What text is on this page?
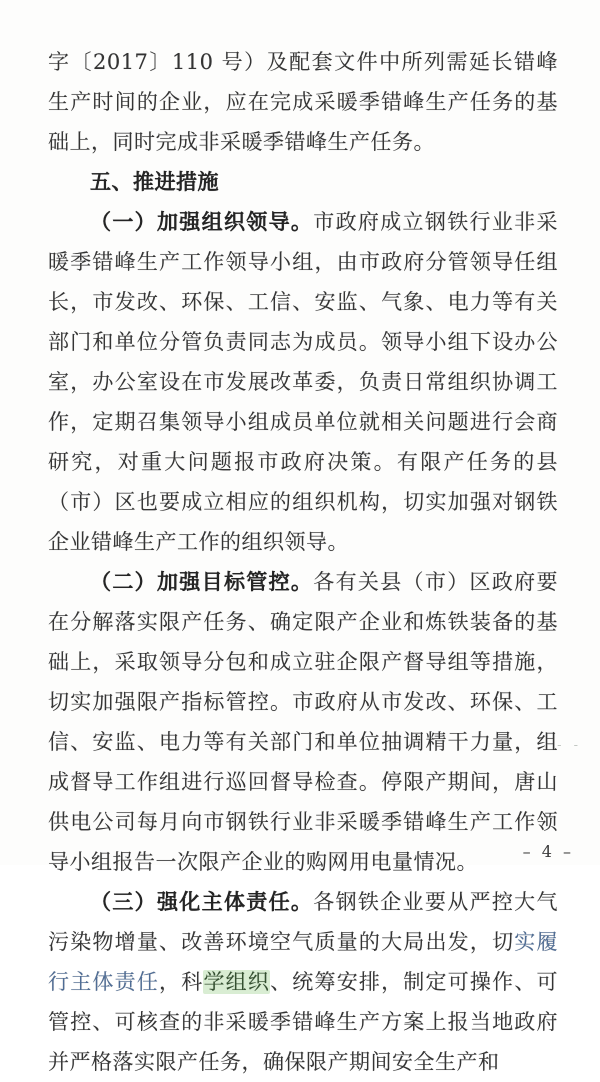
字〔2017〕110 号）及配套文件中所列需延长错峰生产时间的企业，应在完成采暖季错峰生产任务的基础上，同时完成非采暖季错峰生产任务。

五、推进措施

（一）加强组织领导。市政府成立钢铁行业非采暖季错峰生产工作领导小组，由市政府分管领导任组长，市发改、环保、工信、安监、气象、电力等有关部门和单位分管负责同志为成员。领导小组下设办公室，办公室设在市发展改革委，负责日常组织协调工作，定期召集领导小组成员单位就相关问题进行会商研究，对重大问题报市政府决策。有限产任务的县（市）区也要成立相应的组织机构，切实加强对钢铁企业错峰生产工作的组织领导。

（二）加强目标管控。各有关县（市）区政府要在分解落实限产任务、确定限产企业和炼铁装备的基础上，采取领导分包和成立驻企限产督导组等措施，切实加强限产指标管控。市政府从市发改、环保、工信、安监、电力等有关部门和单位抽调精干力量，组成督导工作组进行巡回督导检查。停限产期间，唐山供电公司每月向市钢铁行业非采暖季错峰生产工作领导小组报告一次限产企业的购网用电量情况。

（三）强化主体责任。各钢铁企业要从严控大气污染物增量、改善环境空气质量的大局出发，切实履行主体责任，科学组织、统筹安排，制定可操作、可管控、可核查的非采暖季错峰生产方案上报当地政府并严格落实限产任务，确保限产期间安全生产和

- -
– 4 –
